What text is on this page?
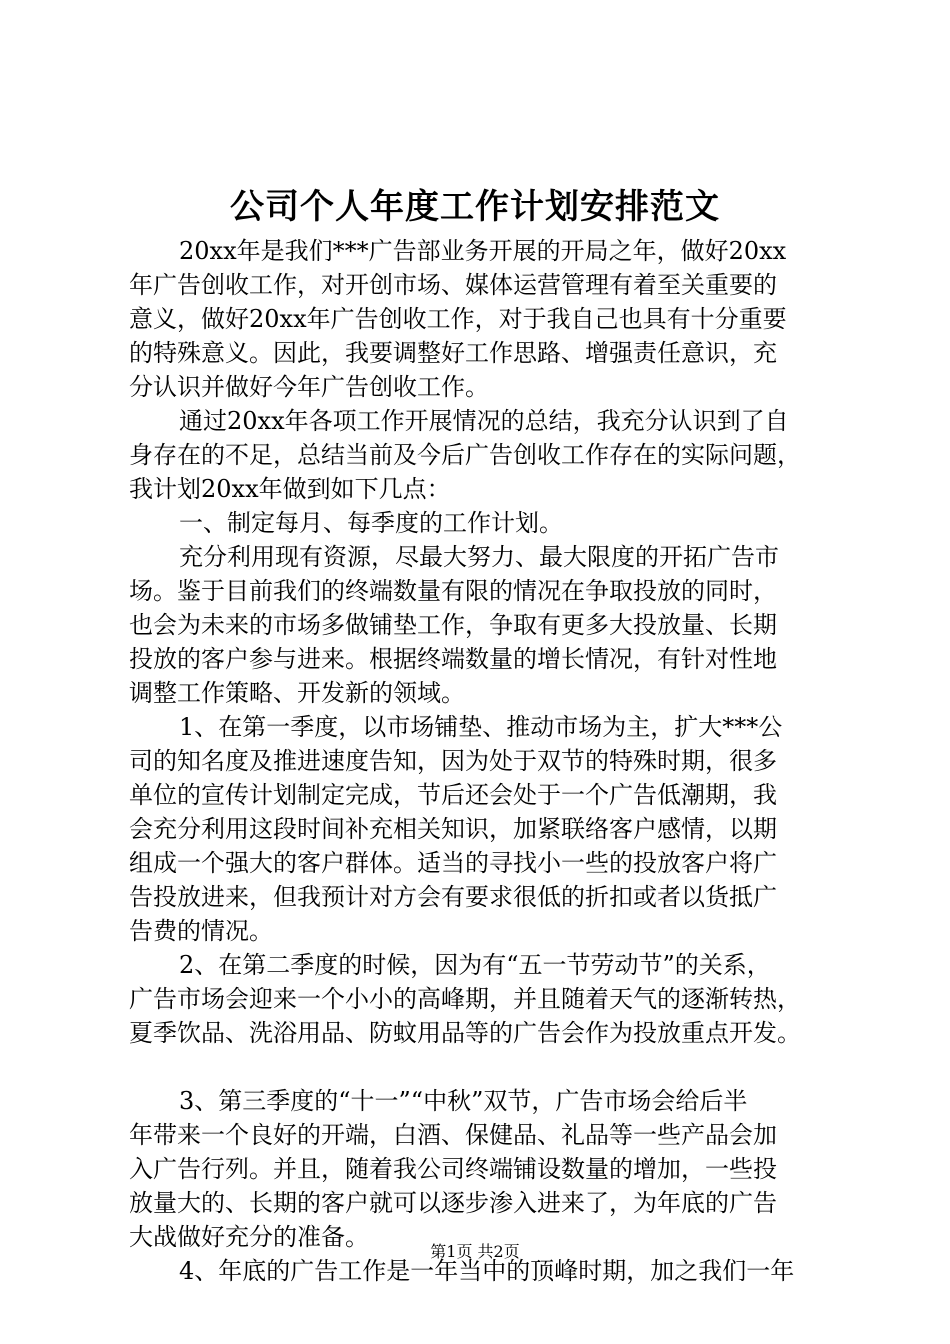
公司个人年度工作计划安排范文
20xx年是我们***广告部业务开展的开局之年，做好20xx
年广告创收工作，对开创市场、媒体运营管理有着至关重要的
意义，做好20xx年广告创收工作，对于我自己也具有十分重要
的特殊意义。因此，我要调整好工作思路、增强责任意识，充
分认识并做好今年广告创收工作。
通过20xx年各项工作开展情况的总结，我充分认识到了自
身存在的不足，总结当前及今后广告创收工作存在的实际问题，
我计划20xx年做到如下几点：
一、制定每月、每季度的工作计划。
充分利用现有资源，尽最大努力、最大限度的开拓广告市
场。鉴于目前我们的终端数量有限的情况在争取投放的同时，
也会为未来的市场多做铺垫工作，争取有更多大投放量、长期
投放的客户参与进来。根据终端数量的增长情况，有针对性地
调整工作策略、开发新的领域。
1、在第一季度，以市场铺垫、推动市场为主，扩大***公
司的知名度及推进速度告知，因为处于双节的特殊时期，很多
单位的宣传计划制定完成，节后还会处于一个广告低潮期，我
会充分利用这段时间补充相关知识，加紧联络客户感情，以期
组成一个强大的客户群体。适当的寻找小一些的投放客户将广
告投放进来，但我预计对方会有要求很低的折扣或者以货抵广
告费的情况。
2、在第二季度的时候，因为有“五一节劳动节”的关系，
广告市场会迎来一个小小的高峰期，并且随着天气的逐渐转热，
夏季饮品、洗浴用品、防蚊用品等的广告会作为投放重点开发。
3、第三季度的“十一”“中秋”双节，广告市场会给后半
年带来一个良好的开端，白酒、保健品、礼品等一些产品会加
入广告行列。并且，随着我公司终端铺设数量的增加，一些投
放量大的、长期的客户就可以逐步渗入进来了，为年底的广告
大战做好充分的准备。
4、年底的广告工作是一年当中的顶峰时期，加之我们一年
第1页 共2页
